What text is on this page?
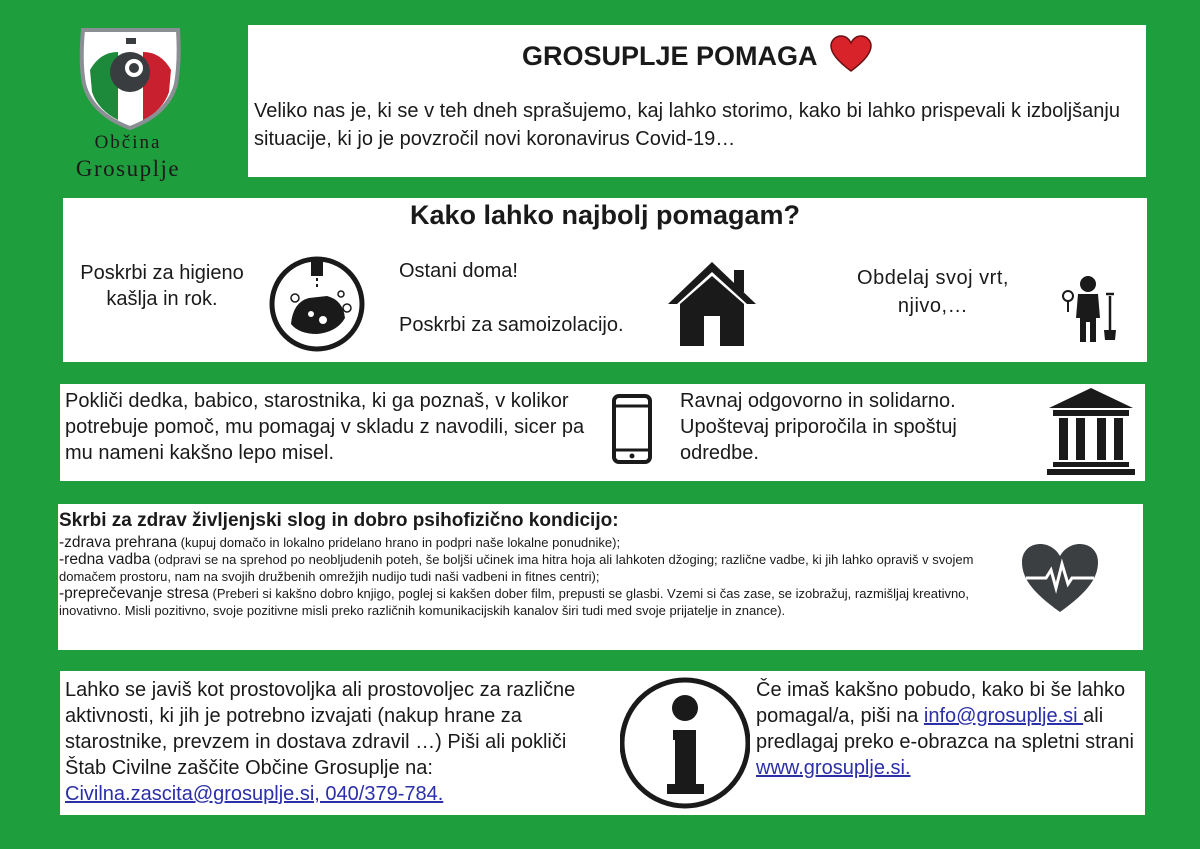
Občina
Grosuplje
GROSUPLJE POMAGA

Veliko nas je, ki se v teh dneh sprašujemo, kaj lahko storimo, kako bi lahko prispevali k izboljšanju situacije, ki jo je povzročil novi koronavirus Covid-19…

Kako lahko najbolj pomagam?

Poskrbi za higieno kašlja in rok.

Ostani doma!

Poskrbi za samoizolacijo.

Obdelaj svoj vrt, njivo,…

Pokliči dedka, babico, starostnika, ki ga poznaš, v kolikor potrebuje pomoč, mu pomagaj v skladu z navodili, sicer pa mu nameni kakšno lepo misel.

Ravnaj odgovorno in solidarno. Upoštevaj priporočila in spoštuj odredbe.

Skrbi za zdrav življenjski slog in dobro psihofizično kondicijo:

-zdrava prehrana (kupuj domačo in lokalno pridelano hrano in podpri naše lokalne ponudnike);
-redna vadba (odpravi se na sprehod po neobljudenih poteh, še boljši učinek ima hitra hoja ali lahkoten džoging; različne vadbe, ki jih lahko opraviš v svojem domačem prostoru, nam na svojih družbenih omrežjih nudijo tudi naši vadbeni in fitnes centri);
-preprečevanje stresa (Preberi si kakšno dobro knjigo, poglej si kakšen dober film, prepusti se glasbi. Vzemi si čas zase, se izobražuj, razmišljaj kreativno, inovativno. Misli pozitivno, svoje pozitivne misli preko različnih komunikacijskih kanalov širi tudi med svoje prijatelje in znance).

Lahko se javiš kot prostovoljka ali prostovoljec za različne aktivnosti, ki jih je potrebno izvajati (nakup hrane za starostnike, prevzem in dostava zdravil …) Piši ali pokliči Štab Civilne zaščite Občine Grosuplje na: Civilna.zascita@grosuplje.si, 040/379-784.

Če imaš kakšno pobudo, kako bi še lahko pomagal/a, piši na info@grosuplje.si ali predlagaj preko e-obrazca na spletni strani www.grosuplje.si.
